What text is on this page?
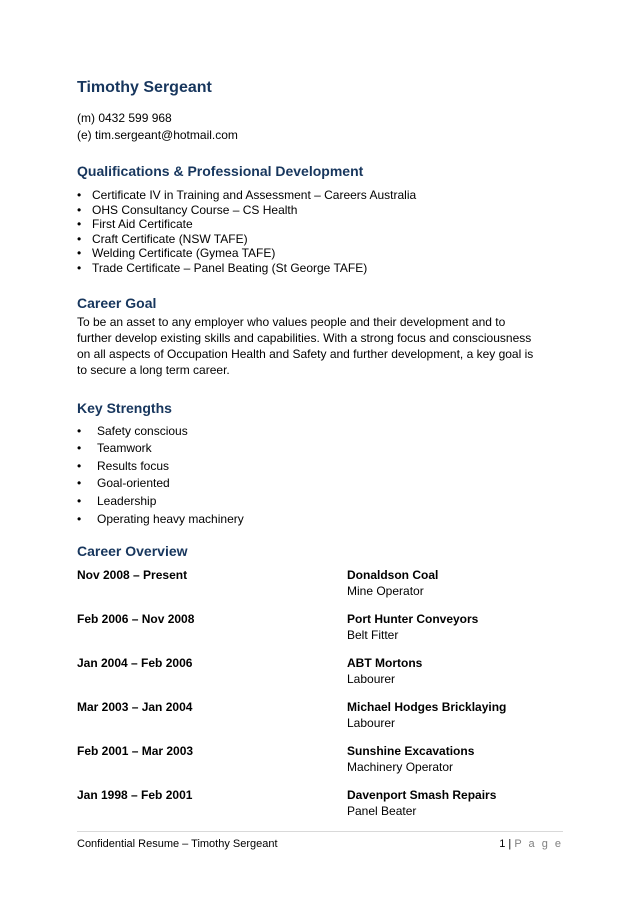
Timothy Sergeant
(m) 0432 599 968
(e) tim.sergeant@hotmail.com
Qualifications & Professional Development
• Certificate IV in Training and Assessment – Careers Australia
• OHS Consultancy Course – CS Health
• First Aid Certificate
• Craft Certificate (NSW TAFE)
• Welding Certificate (Gymea TAFE)
• Trade Certificate – Panel Beating (St George TAFE)
Career Goal
To be an asset to any employer who values people and their development and to further develop existing skills and capabilities. With a strong focus and consciousness on all aspects of Occupation Health and Safety and further development, a key goal is to secure a long term career.
Key Strengths
• Safety conscious
• Teamwork
• Results focus
• Goal-oriented
• Leadership
• Operating heavy machinery
Career Overview
Nov 2008 – Present	Donaldson Coal
Mine Operator
Feb 2006 – Nov 2008	Port Hunter Conveyors
Belt Fitter
Jan 2004 – Feb 2006	ABT Mortons
Labourer
Mar 2003 – Jan 2004	Michael Hodges Bricklaying
Labourer
Feb 2001 – Mar 2003	Sunshine Excavations
Machinery Operator
Jan 1998 – Feb 2001	Davenport Smash Repairs
Panel Beater
Confidential Resume – Timothy Sergeant	1 | P a g e
